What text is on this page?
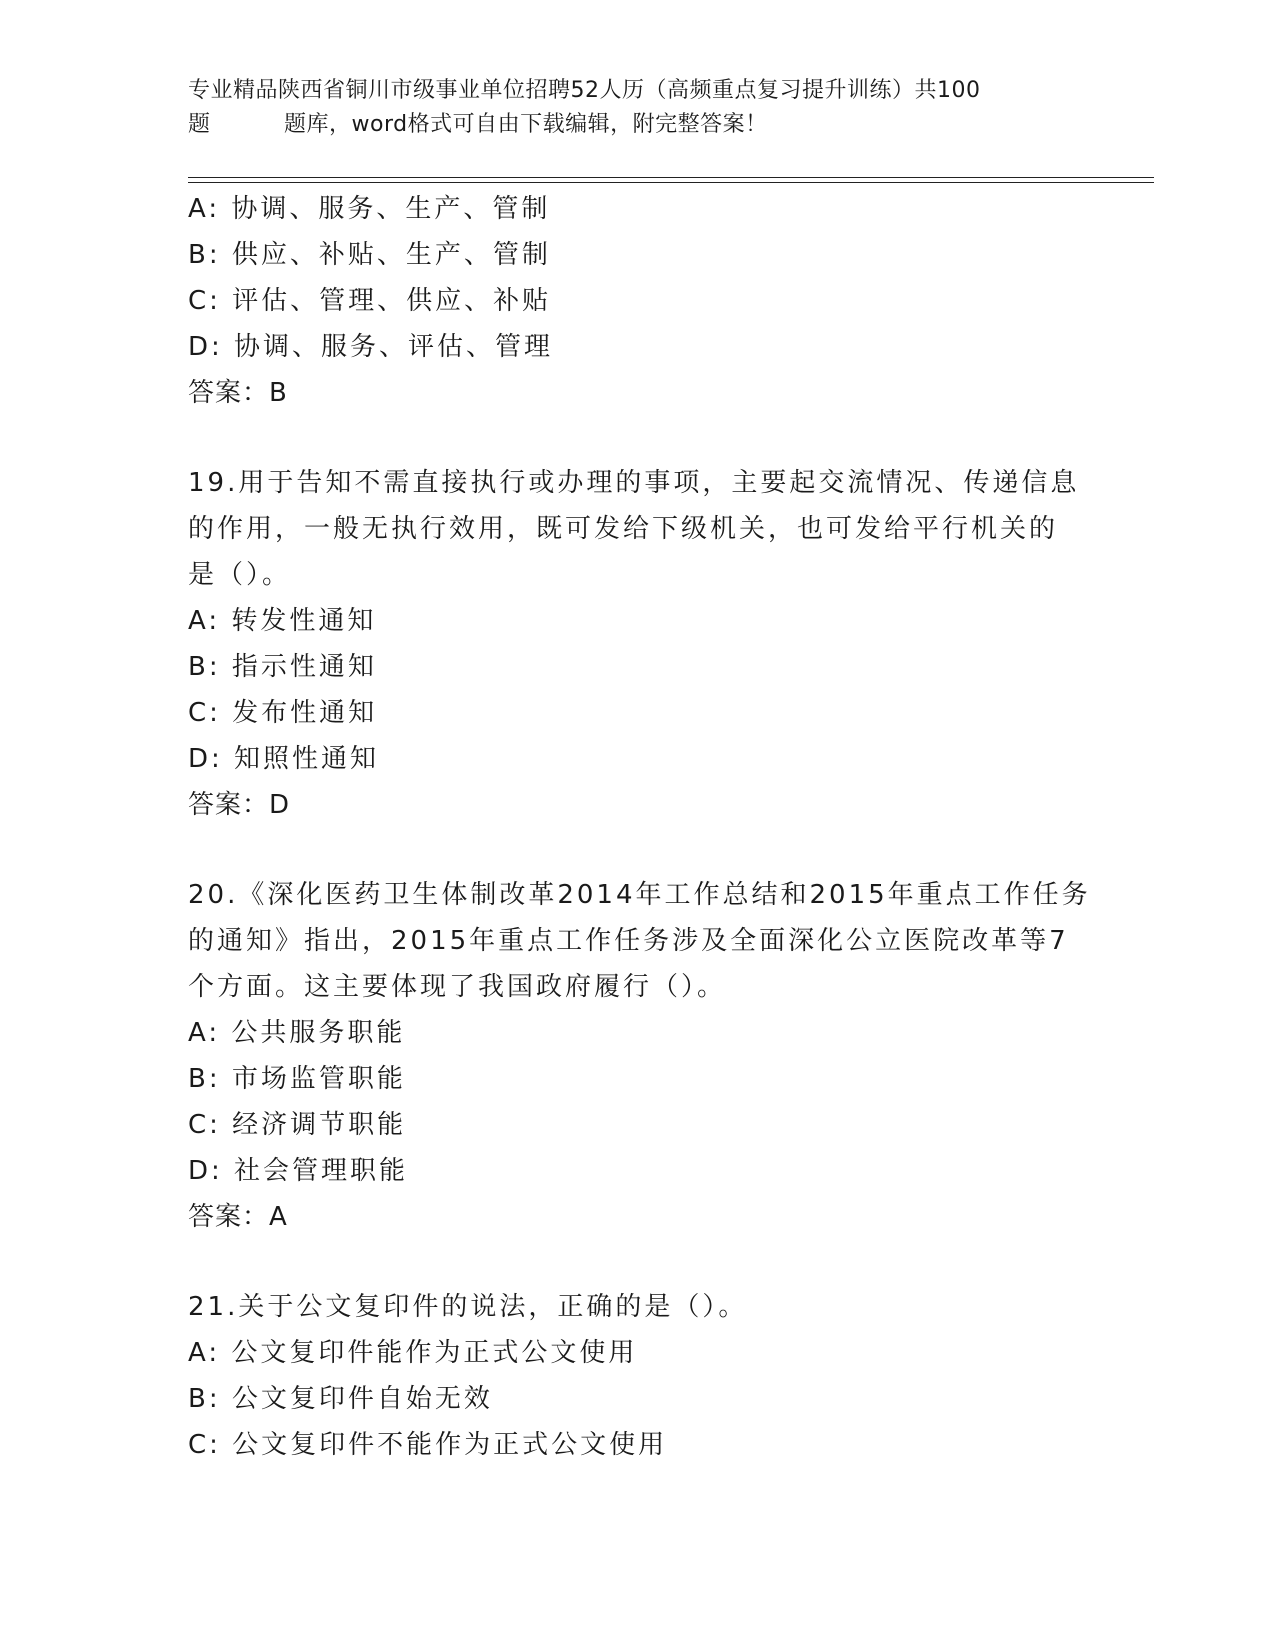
专业精品陕西省铜川市级事业单位招聘52人历（高频重点复习提升训练）共100
题	题库，word格式可自由下载编辑，附完整答案！
A: 协调、服务、生产、管制
B: 供应、补贴、生产、管制
C: 评估、管理、供应、补贴
D: 协调、服务、评估、管理
答案：B
19.用于告知不需直接执行或办理的事项，主要起交流情况、传递信息
的作用，一般无执行效用，既可发给下级机关，也可发给平行机关的
是（）。
A: 转发性通知
B: 指示性通知
C: 发布性通知
D: 知照性通知
答案：D
20.《深化医药卫生体制改革2014年工作总结和2015年重点工作任务
的通知》指出，2015年重点工作任务涉及全面深化公立医院改革等7
个方面。这主要体现了我国政府履行（）。
A: 公共服务职能
B: 市场监管职能
C: 经济调节职能
D: 社会管理职能
答案：A
21.关于公文复印件的说法，正确的是（）。
A: 公文复印件能作为正式公文使用
B: 公文复印件自始无效
C: 公文复印件不能作为正式公文使用
